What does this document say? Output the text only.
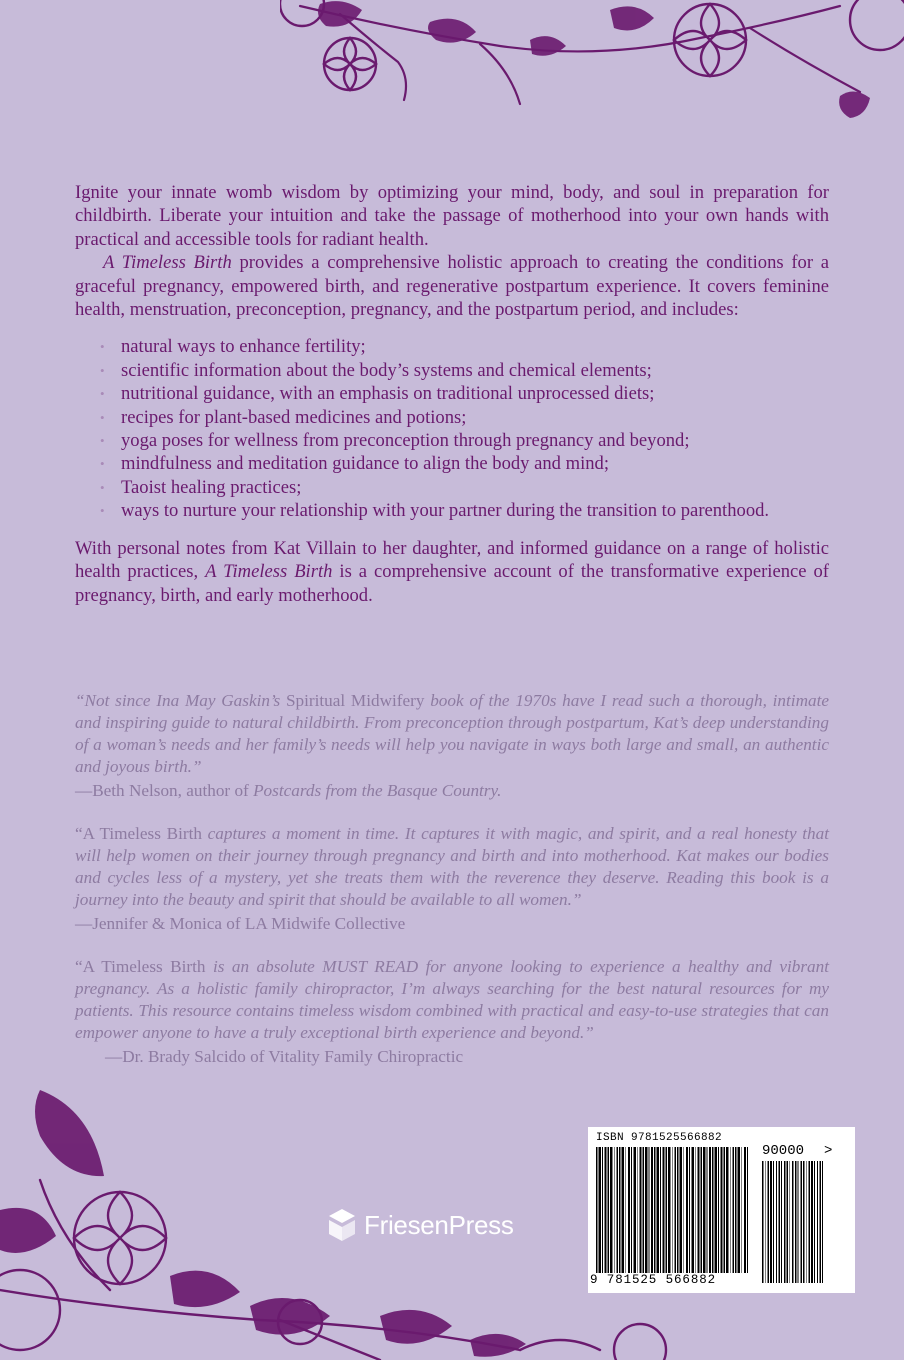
Ignite your innate womb wisdom by optimizing your mind, body, and soul in preparation for childbirth. Liberate your intuition and take the passage of motherhood into your own hands with practical and accessible tools for radiant health.

A Timeless Birth provides a comprehensive holistic approach to creating the conditions for a graceful pregnancy, empowered birth, and regenerative postpartum experience. It covers feminine health, menstruation, preconception, pregnancy, and the postpartum period, and includes:

• natural ways to enhance fertility;
• scientific information about the body’s systems and chemical elements;
• nutritional guidance, with an emphasis on traditional unprocessed diets;
• recipes for plant-based medicines and potions;
• yoga poses for wellness from preconception through pregnancy and beyond;
• mindfulness and meditation guidance to align the body and mind;
• Taoist healing practices;
• ways to nurture your relationship with your partner during the transition to parenthood.

With personal notes from Kat Villain to her daughter, and informed guidance on a range of holistic health practices, A Timeless Birth is a comprehensive account of the transformative experience of pregnancy, birth, and early motherhood.

“Not since Ina May Gaskin’s Spiritual Midwifery book of the 1970s have I read such a thorough, intimate and inspiring guide to natural childbirth. From preconception through postpartum, Kat’s deep understanding of a woman’s needs and her family’s needs will help you navigate in ways both large and small, an authentic and joyous birth.”

—Beth Nelson, author of Postcards from the Basque Country.

“A Timeless Birth captures a moment in time. It captures it with magic, and spirit, and a real honesty that will help women on their journey through pregnancy and birth and into motherhood. Kat makes our bodies and cycles less of a mystery, yet she treats them with the reverence they deserve. Reading this book is a journey into the beauty and spirit that should be available to all women.”

—Jennifer & Monica of LA Midwife Collective

“A Timeless Birth is an absolute MUST READ for anyone looking to experience a healthy and vibrant pregnancy. As a holistic family chiropractor, I’m always searching for the best natural resources for my patients. This resource contains timeless wisdom combined with practical and easy-to-use strategies that can empower anyone to have a truly exceptional birth experience and beyond.”

—Dr. Brady Salcido of Vitality Family Chiropractic

FriesenPress
ISBN 9781525566882
9 781525 566882
90000 >
